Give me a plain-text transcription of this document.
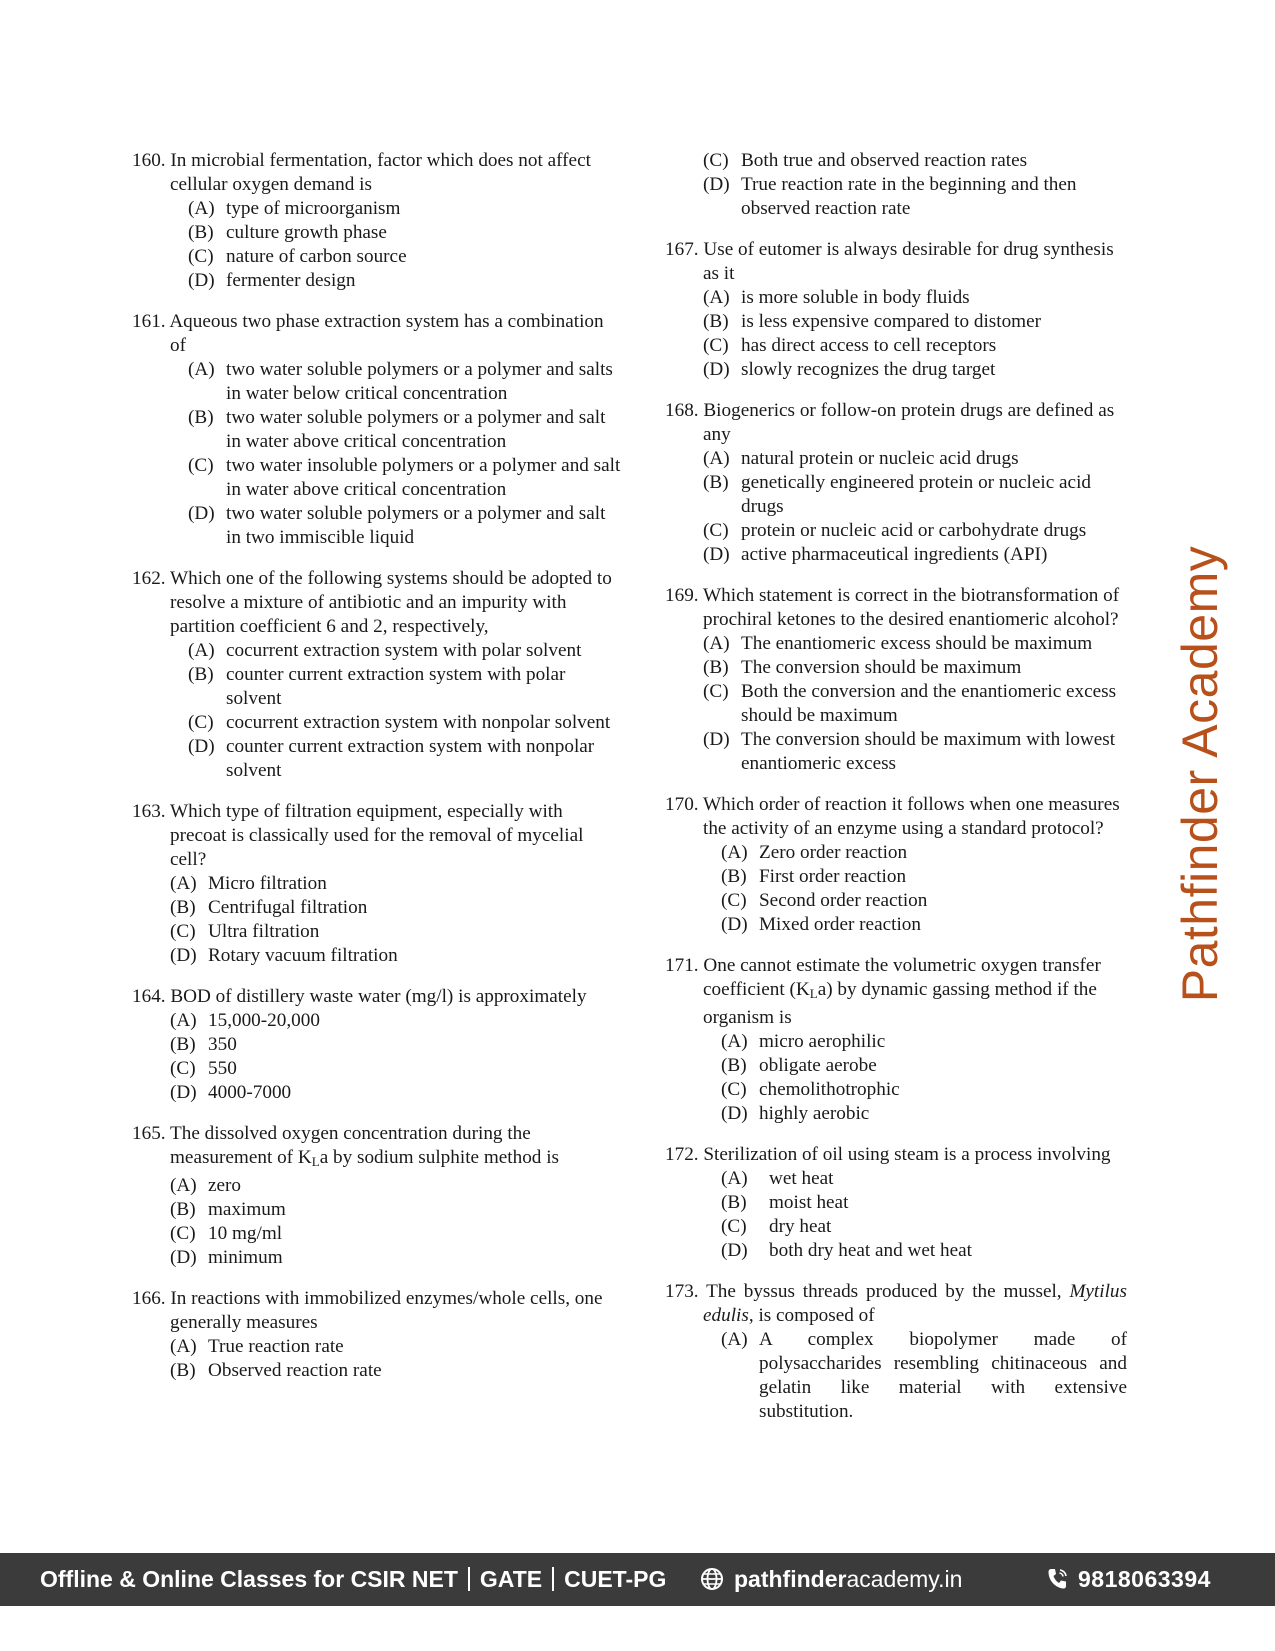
160. In microbial fermentation, factor which does not affect cellular oxygen demand is
(A) type of microorganism
(B) culture growth phase
(C) nature of carbon source
(D) fermenter design
161. Aqueous two phase extraction system has a combination of
(A) two water soluble polymers or a polymer and salts in water below critical concentration
(B) two water soluble polymers or a polymer and salt in water above critical concentration
(C) two water insoluble polymers or a polymer and salt in water above critical concentration
(D) two water soluble polymers or a polymer and salt in two immiscible liquid
162. Which one of the following systems should be adopted to resolve a mixture of antibiotic and an impurity with partition coefficient 6 and 2, respectively,
(A) cocurrent extraction system with polar solvent
(B) counter current extraction system with polar solvent
(C) cocurrent extraction system with nonpolar solvent
(D) counter current extraction system with nonpolar solvent
163. Which type of filtration equipment, especially with precoat is classically used for the removal of mycelial cell?
(A) Micro filtration
(B) Centrifugal filtration
(C) Ultra filtration
(D) Rotary vacuum filtration
164. BOD of distillery waste water (mg/l) is approximately
(A) 15,000-20,000
(B) 350
(C) 550
(D) 4000-7000
165. The dissolved oxygen concentration during the measurement of $K_La$ by sodium sulphite method is
(A) zero
(B) maximum
(C) 10 mg/ml
(D) minimum
166. In reactions with immobilized enzymes/whole cells, one generally measures
(A) True reaction rate
(B) Observed reaction rate
(C) Both true and observed reaction rates
(D) True reaction rate in the beginning and then observed reaction rate
167. Use of eutomer is always desirable for drug synthesis as it
(A) is more soluble in body fluids
(B) is less expensive compared to distomer
(C) has direct access to cell receptors
(D) slowly recognizes the drug target
168. Biogenerics or follow-on protein drugs are defined as any
(A) natural protein or nucleic acid drugs
(B) genetically engineered protein or nucleic acid drugs
(C) protein or nucleic acid or carbohydrate drugs
(D) active pharmaceutical ingredients (API)
169. Which statement is correct in the biotransformation of prochiral ketones to the desired enantiomeric alcohol?
(A) The enantiomeric excess should be maximum
(B) The conversion should be maximum
(C) Both the conversion and the enantiomeric excess should be maximum
(D) The conversion should be maximum with lowest enantiomeric excess
170. Which order of reaction it follows when one measures the activity of an enzyme using a standard protocol?
(A) Zero order reaction
(B) First order reaction
(C) Second order reaction
(D) Mixed order reaction
171. One cannot estimate the volumetric oxygen transfer coefficient $(K_La)$ by dynamic gassing method if the organism is
(A) micro aerophilic
(B) obligate aerobe
(C) chemolithotrophic
(D) highly aerobic
172. Sterilization of oil using steam is a process involving
(A)	wet heat
(B)	moist heat
(C)	dry heat
(D)	both dry heat and wet heat
173. The byssus threads produced by the mussel, Mytilus edulis, is composed of
(A) A complex biopolymer made of polysaccharides resembling chitinaceous and gelatin like material with extensive substitution.
Pathfinder Academy
Offline & Online Classes for CSIR NET GATE CUET-PG	pathfinderacademy.in	9818063394
